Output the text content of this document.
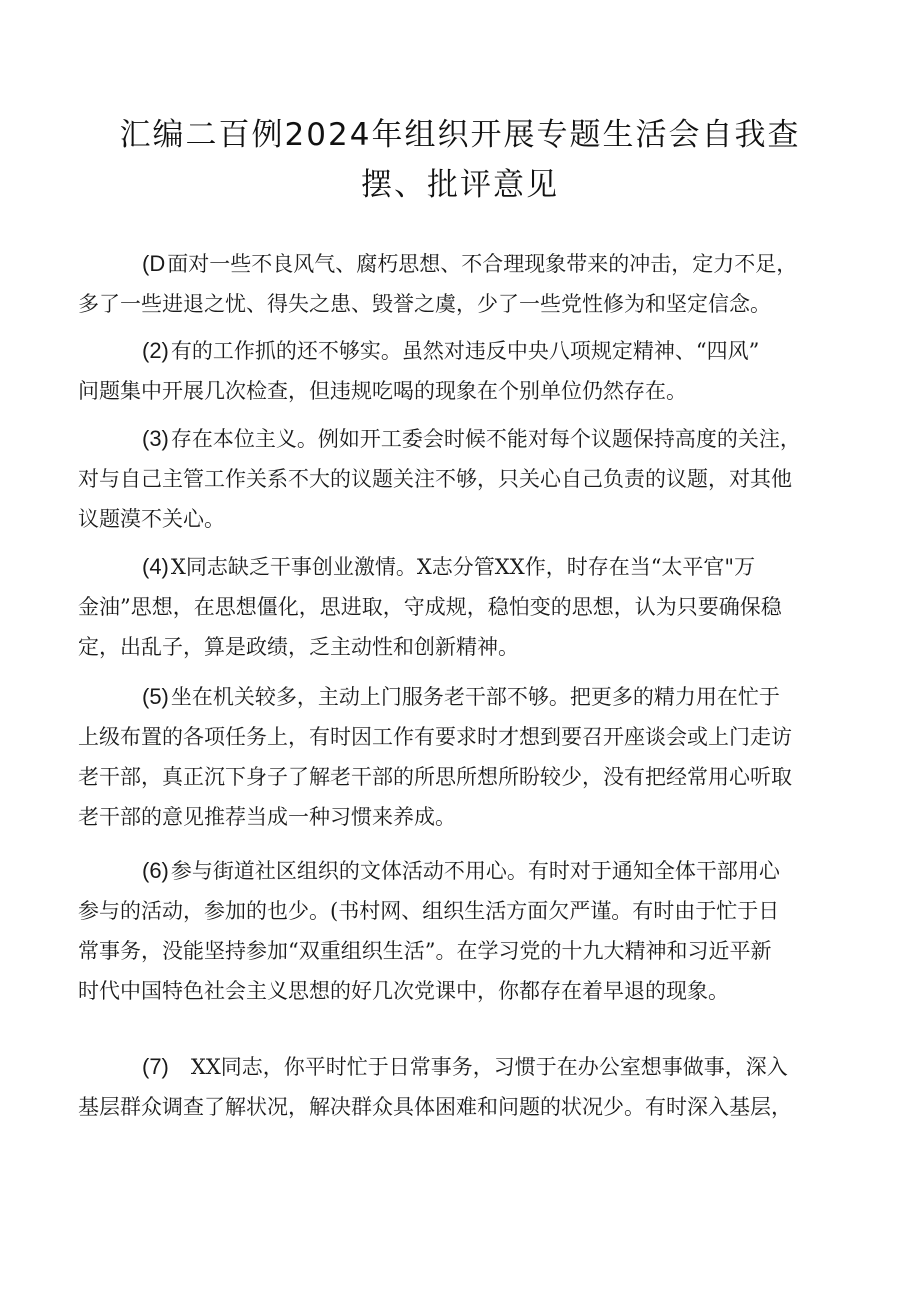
汇编二百例2024年组织开展专题生活会自我查
摆、批评意见
(D面对一些不良风气、腐朽思想、不合理现象带来的冲击，定力不足，
多了一些进退之忧、得失之患、毁誉之虞，少了一些党性修为和坚定信念。
(2)有的工作抓的还不够实。虽然对违反中央八项规定精神、“四风”
问题集中开展几次检查，但违规吃喝的现象在个别单位仍然存在。
(3)存在本位主义。例如开工委会时候不能对每个议题保持高度的关注，
对与自己主管工作关系不大的议题关注不够，只关心自己负责的议题，对其他
议题漠不关心。
(4)X同志缺乏干事创业激情。X志分管XX作，时存在当“太平官"万
金油”思想，在思想僵化，思进取，守成规，稳怕变的思想，认为只要确保稳
定，出乱子，算是政绩，乏主动性和创新精神。
(5)坐在机关较多，主动上门服务老干部不够。把更多的精力用在忙于
上级布置的各项任务上，有时因工作有要求时才想到要召开座谈会或上门走访
老干部，真正沉下身子了解老干部的所思所想所盼较少，没有把经常用心听取
老干部的意见推荐当成一种习惯来养成。
(6)参与街道社区组织的文体活动不用心。有时对于通知全体干部用心
参与的活动，参加的也少。(书村网、组织生活方面欠严谨。有时由于忙于日
常事务，没能坚持参加“双重组织生活”。在学习党的十九大精神和习近平新
时代中国特色社会主义思想的好几次党课中，你都存在着早退的现象。
(7) XX同志，你平时忙于日常事务，习惯于在办公室想事做事，深入
基层群众调查了解状况，解决群众具体困难和问题的状况少。有时深入基层，
